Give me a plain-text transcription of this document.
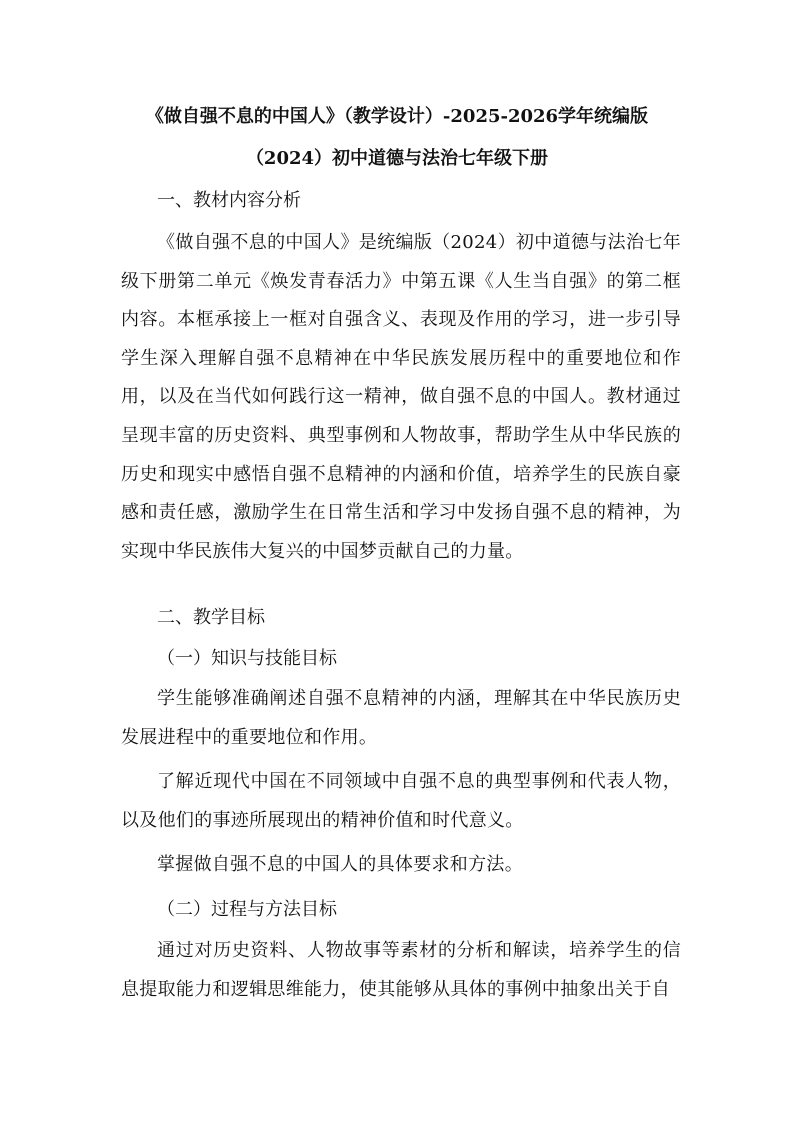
《做自强不息的中国人》（教学设计）-2025-2026学年统编版
（2024）初中道德与法治七年级下册
一、教材内容分析
《做自强不息的中国人》是统编版（2024）初中道德与法治七年级下册第二单元《焕发青春活力》中第五课《人生当自强》的第二框内容。本框承接上一框对自强含义、表现及作用的学习，进一步引导学生深入理解自强不息精神在中华民族发展历程中的重要地位和作用，以及在当代如何践行这一精神，做自强不息的中国人。教材通过呈现丰富的历史资料、典型事例和人物故事，帮助学生从中华民族的历史和现实中感悟自强不息精神的内涵和价值，培养学生的民族自豪感和责任感，激励学生在日常生活和学习中发扬自强不息的精神，为实现中华民族伟大复兴的中国梦贡献自己的力量。
二、教学目标
（一）知识与技能目标
学生能够准确阐述自强不息精神的内涵，理解其在中华民族历史发展进程中的重要地位和作用。
了解近现代中国在不同领域中自强不息的典型事例和代表人物，以及他们的事迹所展现出的精神价值和时代意义。
掌握做自强不息的中国人的具体要求和方法。
（二）过程与方法目标
通过对历史资料、人物故事等素材的分析和解读，培养学生的信息提取能力和逻辑思维能力，使其能够从具体的事例中抽象出关于自
